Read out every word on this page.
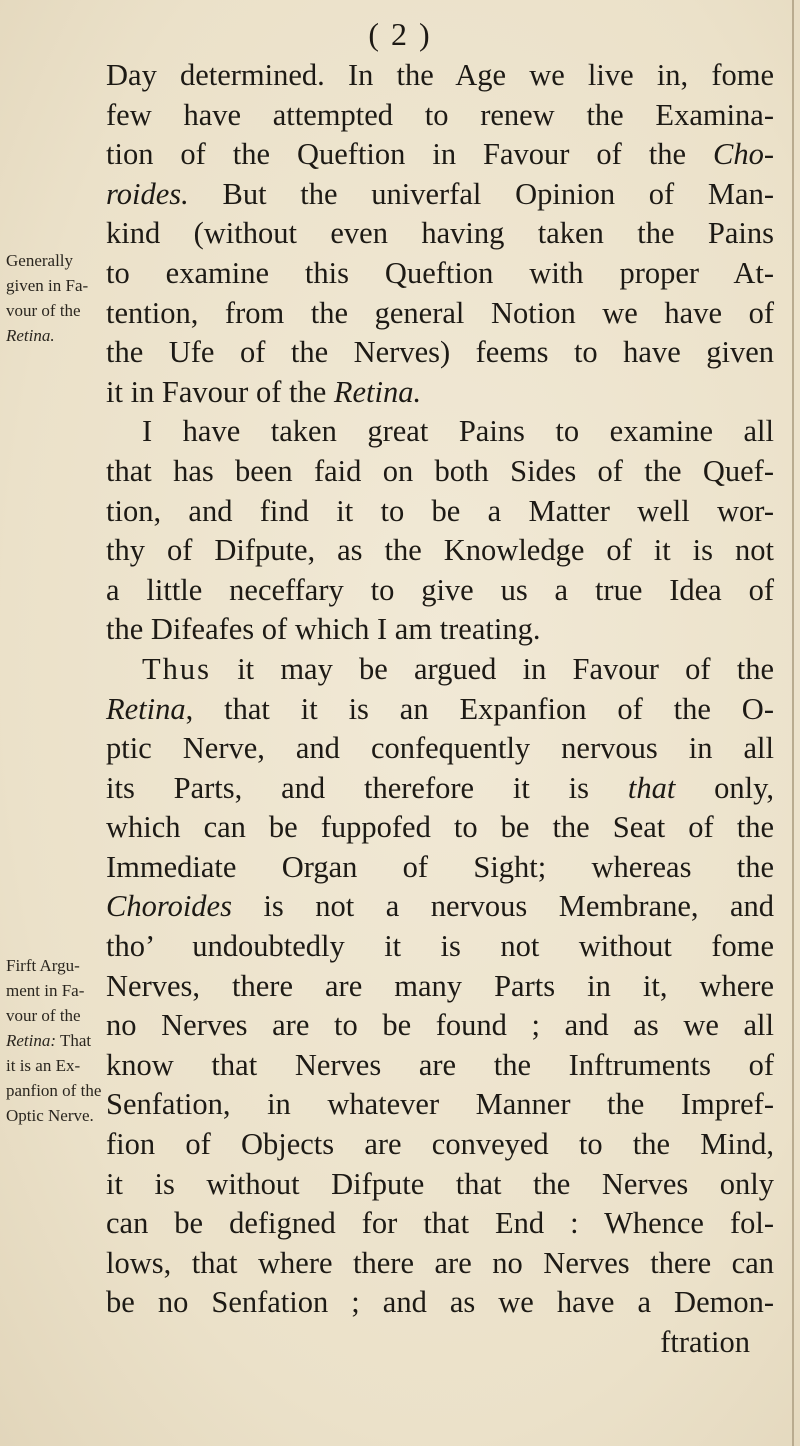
( 2 )
Generally
given in Fa-
vour of the
Retina.
Firft Argu-
ment in Fa-
vour of the
Retina: That
it is an Ex-
panfion of the
Optic Nerve.
Day determined. In the Age we live in, fome
few have attempted to renew the Examina-
tion of the Queftion in Favour of the Cho-
roides. But the univerfal Opinion of Man-
kind (without even having taken the Pains
to examine this Queftion with proper At-
tention, from the general Notion we have of
the Ufe of the Nerves) feems to have given
it in Favour of the Retina.
I have taken great Pains to examine all
that has been faid on both Sides of the Quef-
tion, and find it to be a Matter well wor-
thy of Difpute, as the Knowledge of it is not
a little neceffary to give us a true Idea of
the Difeafes of which I am treating.
Thus it may be argued in Favour of the
Retina, that it is an Expanfion of the O-
ptic Nerve, and confequently nervous in all
its Parts, and therefore it is that only,
which can be fuppofed to be the Seat of the
Immediate Organ of Sight; whereas the
Choroides is not a nervous Membrane, and
tho’ undoubtedly it is not without fome
Nerves, there are many Parts in it, where
no Nerves are to be found ; and as we all
know that Nerves are the Inftruments of
Senfation, in whatever Manner the Impref-
fion of Objects are conveyed to the Mind,
it is without Difpute that the Nerves only
can be defigned for that End : Whence fol-
lows, that where there are no Nerves there can
be no Senfation ; and as we have a Demon-
ftration
